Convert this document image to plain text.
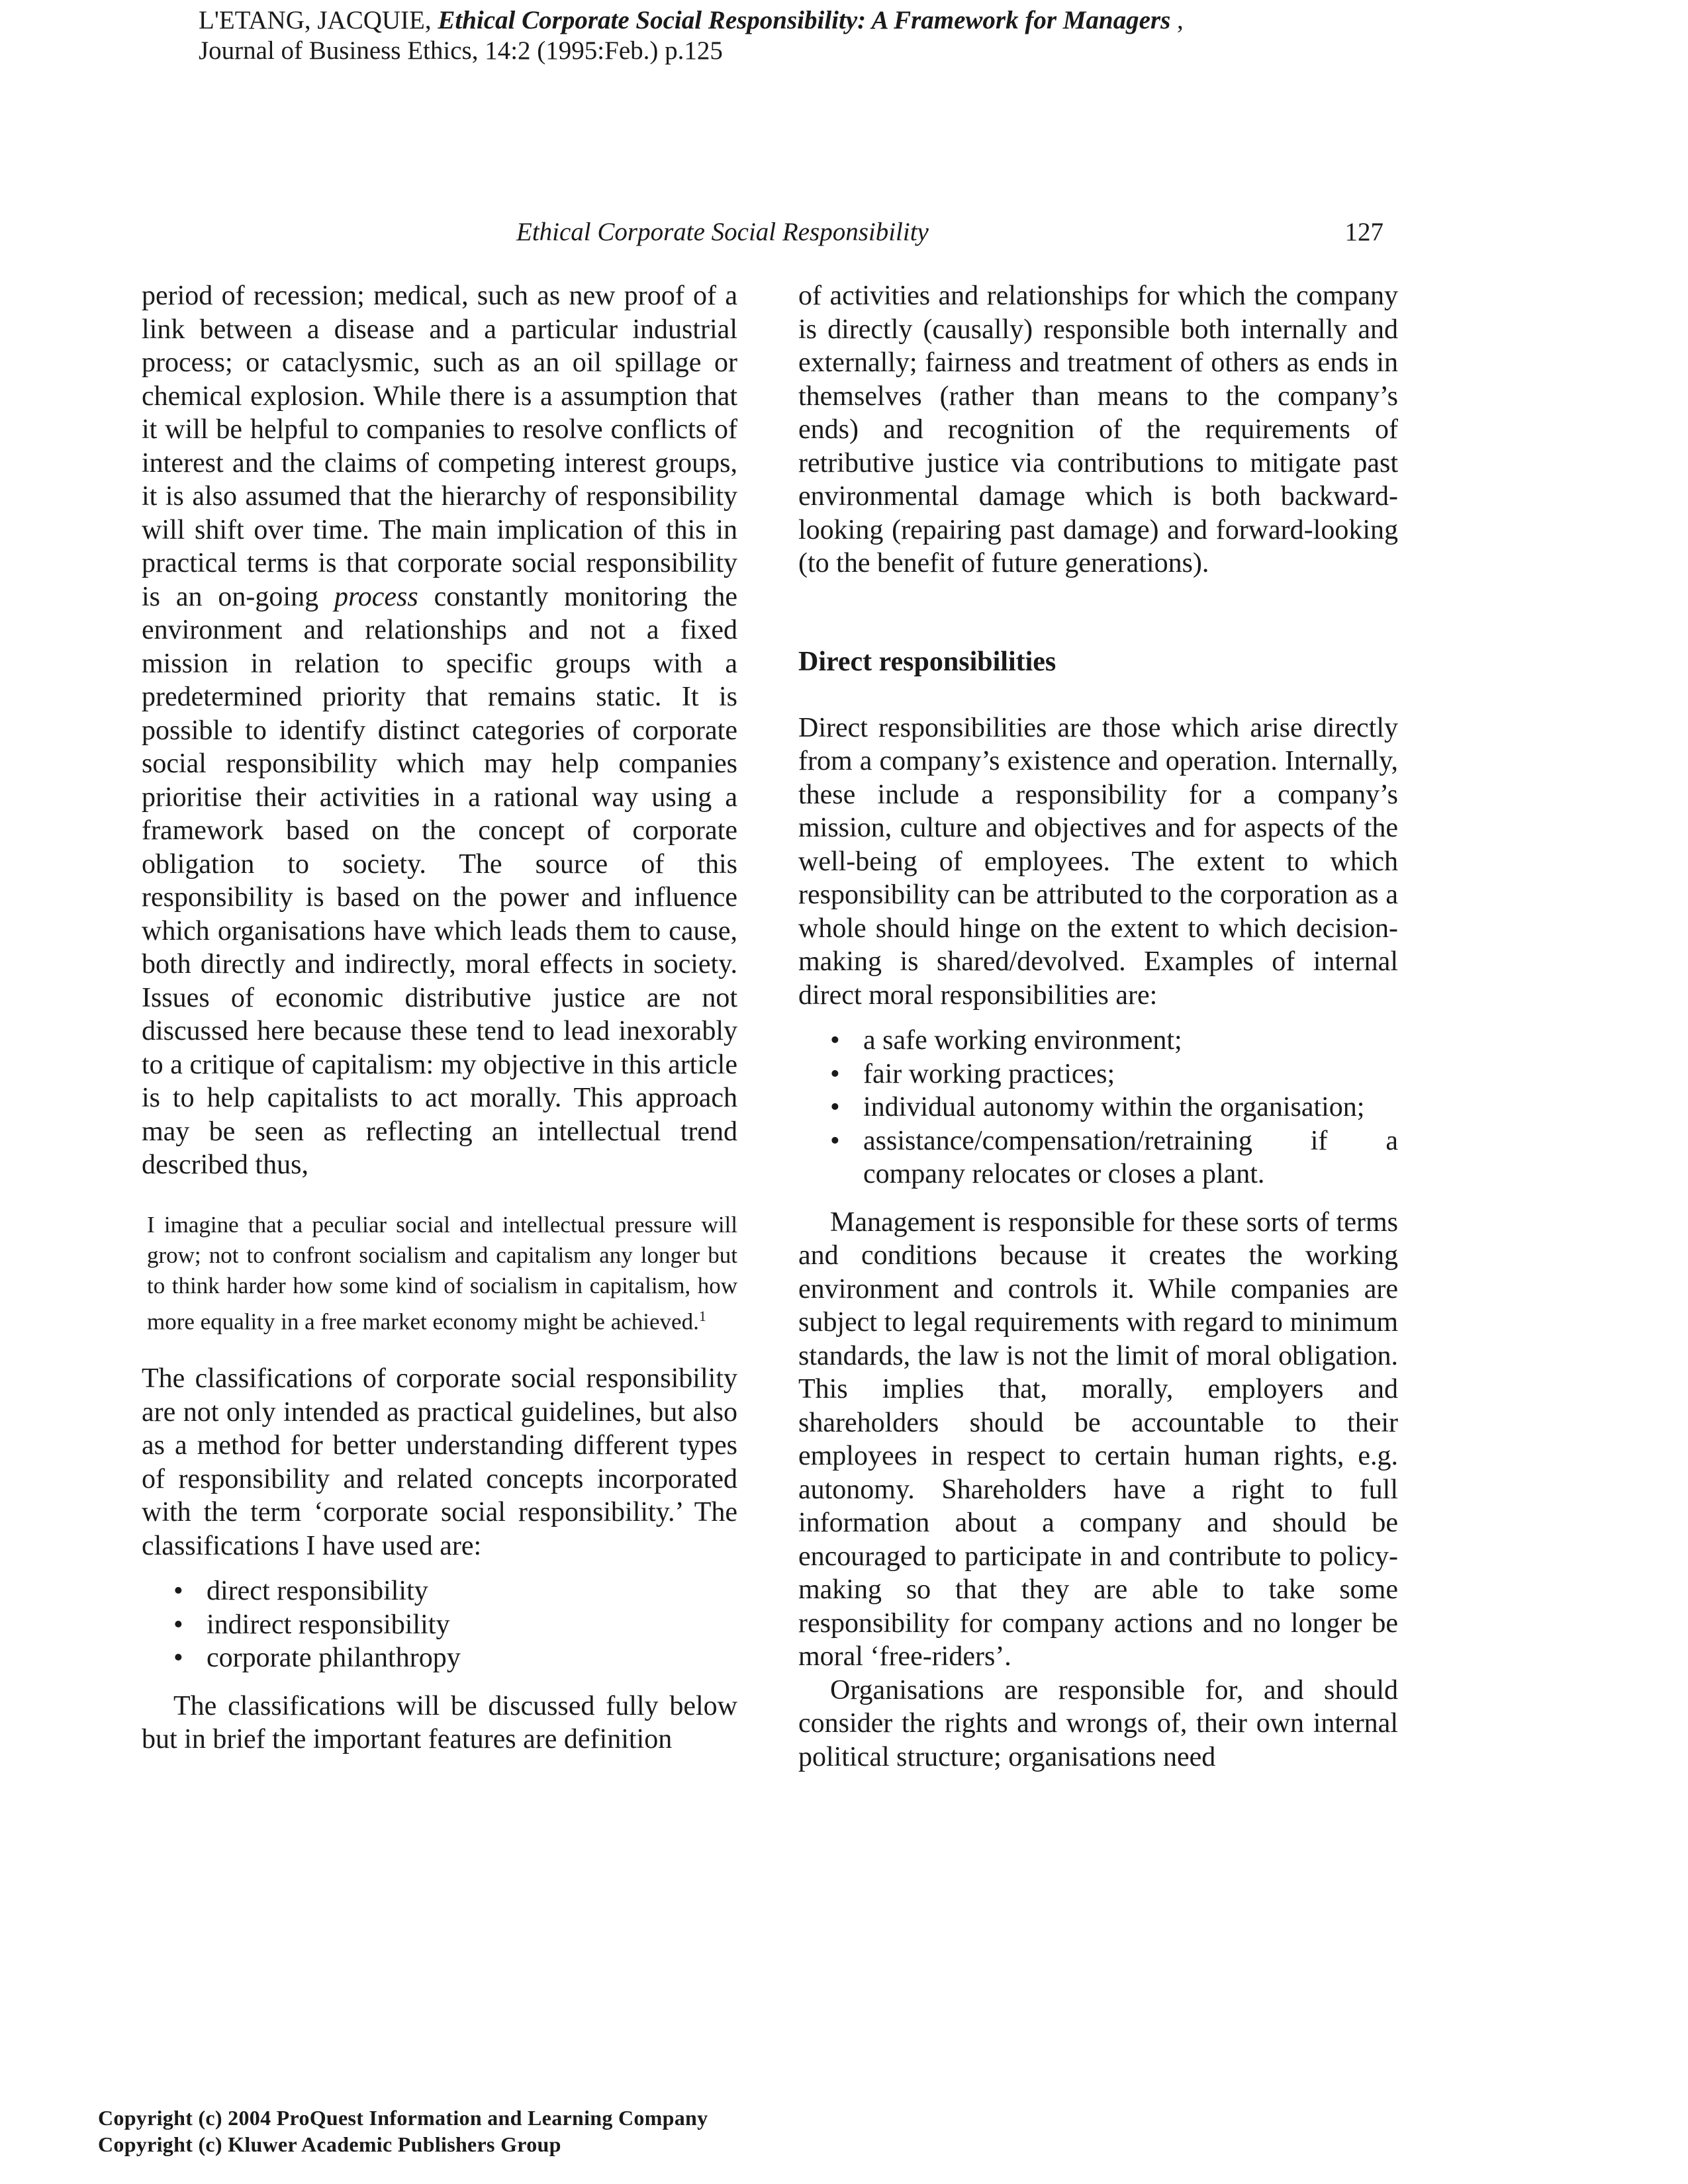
L'ETANG, JACQUIE, Ethical Corporate Social Responsibility: A Framework for Managers ,
Journal of Business Ethics, 14:2 (1995:Feb.) p.125
Ethical Corporate Social Responsibility	127

period of recession; medical, such as new proof of a link between a disease and a particular industrial process; or cataclysmic, such as an oil spillage or chemical explosion. While there is a assumption that it will be helpful to companies to resolve conflicts of interest and the claims of competing interest groups, it is also assumed that the hierarchy of responsibility will shift over time. The main implication of this in practical terms is that corporate social responsibility is an on-going process constantly monitoring the environment and relationships and not a fixed mission in relation to specific groups with a predetermined priority that remains static. It is possible to identify distinct categories of corporate social responsibility which may help companies prioritise their activities in a rational way using a framework based on the concept of corporate obligation to society. The source of this responsibility is based on the power and influence which organisations have which leads them to cause, both directly and indirectly, moral effects in society. Issues of economic distributive justice are not discussed here because these tend to lead inexorably to a critique of capitalism: my objective in this article is to help capitalists to act morally. This approach may be seen as reflecting an intellectual trend described thus,

I imagine that a peculiar social and intellectual pressure will grow; not to confront socialism and capitalism any longer but to think harder how some kind of socialism in capitalism, how more equality in a free market economy might be achieved.$^1$

The classifications of corporate social responsibility are not only intended as practical guidelines, but also as a method for better understanding different types of responsibility and related concepts incorporated with the term ‘corporate social responsibility.’ The classifications I have used are:

• direct responsibility
• indirect responsibility
• corporate philanthropy

The classifications will be discussed fully below but in brief the important features are definition

of activities and relationships for which the company is directly (causally) responsible both internally and externally; fairness and treatment of others as ends in themselves (rather than means to the company’s ends) and recognition of the requirements of retributive justice via contributions to mitigate past environmental damage which is both backward-looking (repairing past damage) and forward-looking (to the benefit of future generations).

Direct responsibilities

Direct responsibilities are those which arise directly from a company’s existence and operation. Internally, these include a responsibility for a company’s mission, culture and objectives and for aspects of the well-being of employees. The extent to which responsibility can be attributed to the corporation as a whole should hinge on the extent to which decision-making is shared/devolved. Examples of internal direct moral responsibilities are:

• a safe working environment;
• fair working practices;
• individual autonomy within the organisation;
• assistance/compensation/retraining if a company relocates or closes a plant.

Management is responsible for these sorts of terms and conditions because it creates the working environment and controls it. While companies are subject to legal requirements with regard to minimum standards, the law is not the limit of moral obligation. This implies that, morally, employers and shareholders should be accountable to their employees in respect to certain human rights, e.g. autonomy. Shareholders have a right to full information about a company and should be encouraged to participate in and contribute to policy-making so that they are able to take some responsibility for company actions and no longer be moral ‘free-riders’.

Organisations are responsible for, and should consider the rights and wrongs of, their own internal political structure; organisations need

Copyright (c) 2004 ProQuest Information and Learning Company
Copyright (c) Kluwer Academic Publishers Group
